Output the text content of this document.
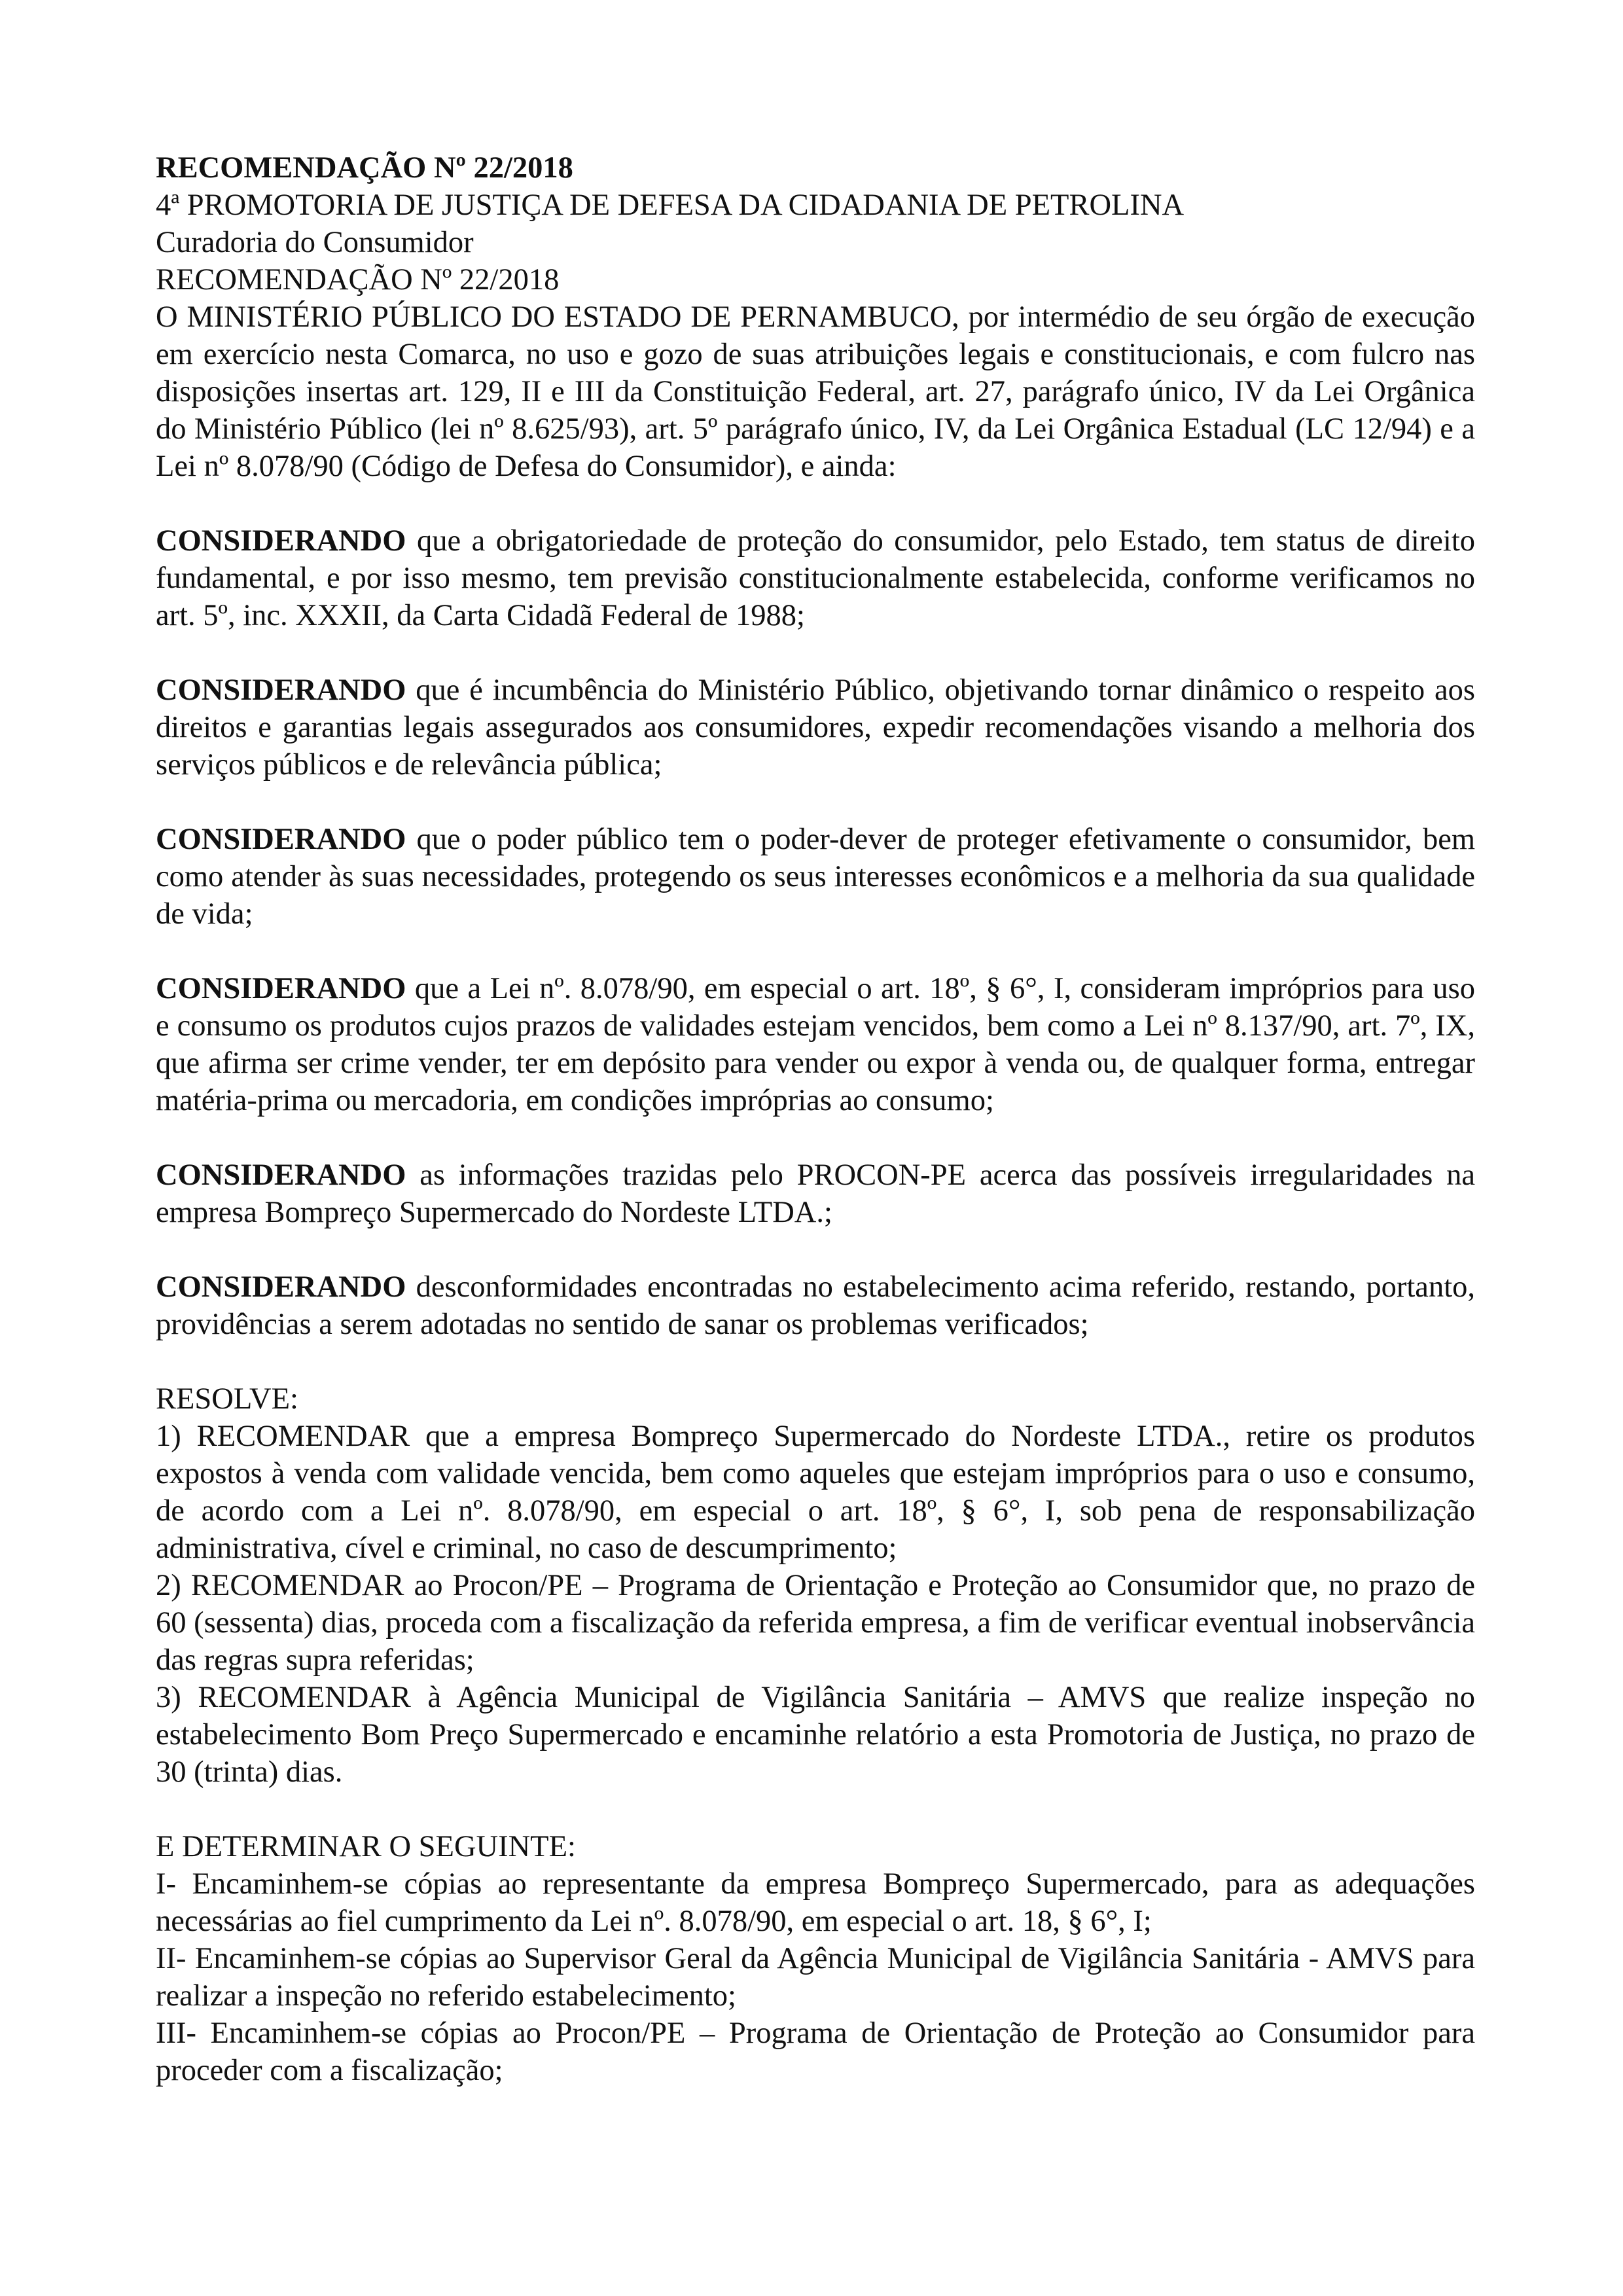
RECOMENDAÇÃO Nº 22/2018
4ª PROMOTORIA DE JUSTIÇA DE DEFESA DA CIDADANIA DE PETROLINA
Curadoria do Consumidor
RECOMENDAÇÃO Nº 22/2018

O MINISTÉRIO PÚBLICO DO ESTADO DE PERNAMBUCO, por intermédio de seu órgão de execução em exercício nesta Comarca, no uso e gozo de suas atribuições legais e constitucionais, e com fulcro nas disposições insertas art. 129, II e III da Constituição Federal, art. 27, parágrafo único, IV da Lei Orgânica do Ministério Público (lei nº 8.625/93), art. 5º parágrafo único, IV, da Lei Orgânica Estadual (LC 12/94) e a Lei nº 8.078/90 (Código de Defesa do Consumidor), e ainda:

CONSIDERANDO que a obrigatoriedade de proteção do consumidor, pelo Estado, tem status de direito fundamental, e por isso mesmo, tem previsão constitucionalmente estabelecida, conforme verificamos no art. 5º, inc. XXXII, da Carta Cidadã Federal de 1988;

CONSIDERANDO que é incumbência do Ministério Público, objetivando tornar dinâmico o respeito aos direitos e garantias legais assegurados aos consumidores, expedir recomendações visando a melhoria dos serviços públicos e de relevância pública;

CONSIDERANDO que o poder público tem o poder-dever de proteger efetivamente o consumidor, bem como atender às suas necessidades, protegendo os seus interesses econômicos e a melhoria da sua qualidade de vida;

CONSIDERANDO que a Lei nº. 8.078/90, em especial o art. 18º, § 6°, I, consideram impróprios para uso e consumo os produtos cujos prazos de validades estejam vencidos, bem como a Lei nº 8.137/90, art. 7º, IX, que afirma ser crime vender, ter em depósito para vender ou expor à venda ou, de qualquer forma, entregar matéria-prima ou mercadoria, em condições impróprias ao consumo;

CONSIDERANDO as informações trazidas pelo PROCON-PE acerca das possíveis irregularidades na empresa Bompreço Supermercado do Nordeste LTDA.;

CONSIDERANDO desconformidades encontradas no estabelecimento acima referido, restando, portanto, providências a serem adotadas no sentido de sanar os problemas verificados;

RESOLVE:

1) RECOMENDAR que a empresa Bompreço Supermercado do Nordeste LTDA., retire os produtos expostos à venda com validade vencida, bem como aqueles que estejam impróprios para o uso e consumo, de acordo com a Lei nº. 8.078/90, em especial o art. 18º, § 6°, I, sob pena de responsabilização administrativa, cível e criminal, no caso de descumprimento;

2) RECOMENDAR ao Procon/PE – Programa de Orientação e Proteção ao Consumidor que, no prazo de 60 (sessenta) dias, proceda com a fiscalização da referida empresa, a fim de verificar eventual inobservância das regras supra referidas;

3) RECOMENDAR à Agência Municipal de Vigilância Sanitária – AMVS que realize inspeção no estabelecimento Bom Preço Supermercado e encaminhe relatório a esta Promotoria de Justiça, no prazo de 30 (trinta) dias.

E DETERMINAR O SEGUINTE:

I- Encaminhem-se cópias ao representante da empresa Bompreço Supermercado, para as adequações necessárias ao fiel cumprimento da Lei nº. 8.078/90, em especial o art. 18, § 6°, I;

II- Encaminhem-se cópias ao Supervisor Geral da Agência Municipal de Vigilância Sanitária - AMVS para realizar a inspeção no referido estabelecimento;

III- Encaminhem-se cópias ao Procon/PE – Programa de Orientação de Proteção ao Consumidor para proceder com a fiscalização;
